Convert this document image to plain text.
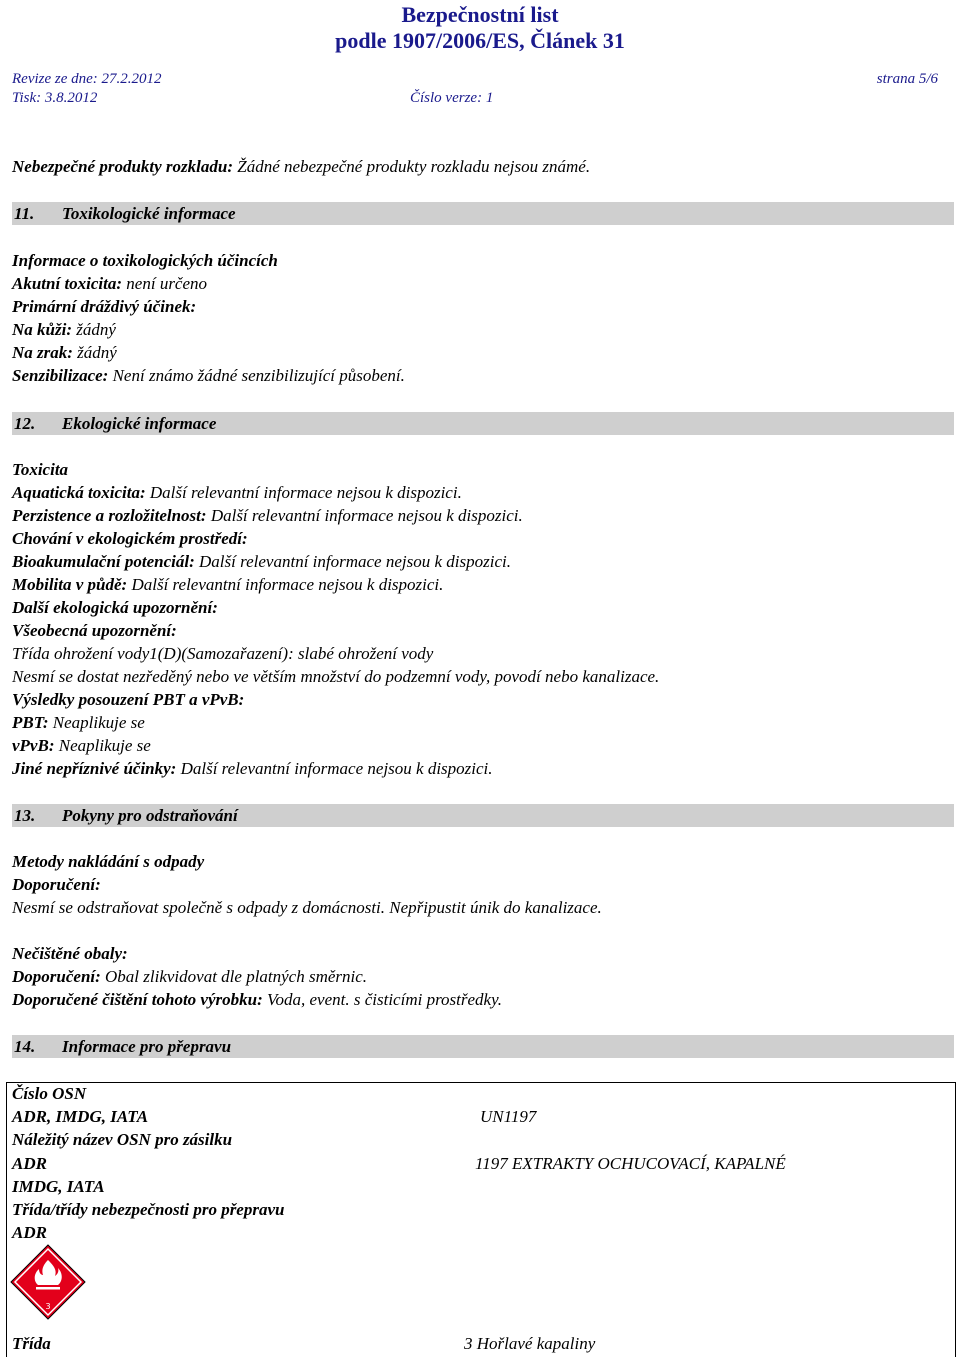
Bezpečnostní list
podle 1907/2006/ES, Článek 31
Revize ze dne: 27.2.2012
Tisk: 3.8.2012	Číslo verze: 1
strana 5/6
Nebezpečné produkty rozkladu: Žádné nebezpečné produkty rozkladu nejsou známé.
11. Toxikologické informace
Informace o toxikologických účincích
Akutní toxicita: není určeno
Primární dráždivý účinek:
Na kůži: žádný
Na zrak: žádný
Senzibilizace: Není známo žádné senzibilizující působení.
12. Ekologické informace
Toxicita
Aquatická toxicita: Další relevantní informace nejsou k dispozici.
Perzistence a rozložitelnost: Další relevantní informace nejsou k dispozici.
Chování v ekologickém prostředí:
Bioakumulační potenciál: Další relevantní informace nejsou k dispozici.
Mobilita v půdě: Další relevantní informace nejsou k dispozici.
Další ekologická upozornění:
Všeobecná upozornění:
Třída ohrožení vody1(D)(Samozařazení): slabé ohrožení vody
Nesmí se dostat nezředěný nebo ve větším množství do podzemní vody, povodí nebo kanalizace.
Výsledky posouzení PBT a vPvB:
PBT: Neaplikuje se
vPvB: Neaplikuje se
Jiné nepříznivé účinky: Další relevantní informace nejsou k dispozici.
13. Pokyny pro odstraňování
Metody nakládání s odpady
Doporučení:
Nesmí se odstraňovat společně s odpady z domácnosti. Nepřipustit únik do kanalizace.
Nečištěné obaly:
Doporučení: Obal zlikvidovat dle platných směrnic.
Doporučené čištění tohoto výrobku: Voda, event. s čisticími prostředky.
14. Informace pro přepravu
Číslo OSN
ADR, IMDG, IATA	UN1197
Náležitý název OSN pro zásilku
ADR	1197 EXTRAKTY OCHUCOVACÍ, KAPALNÉ
IMDG, IATA
Třída/třídy nebezpečnosti pro přepravu
ADR
3
Třída	3 Hořlavé kapaliny
